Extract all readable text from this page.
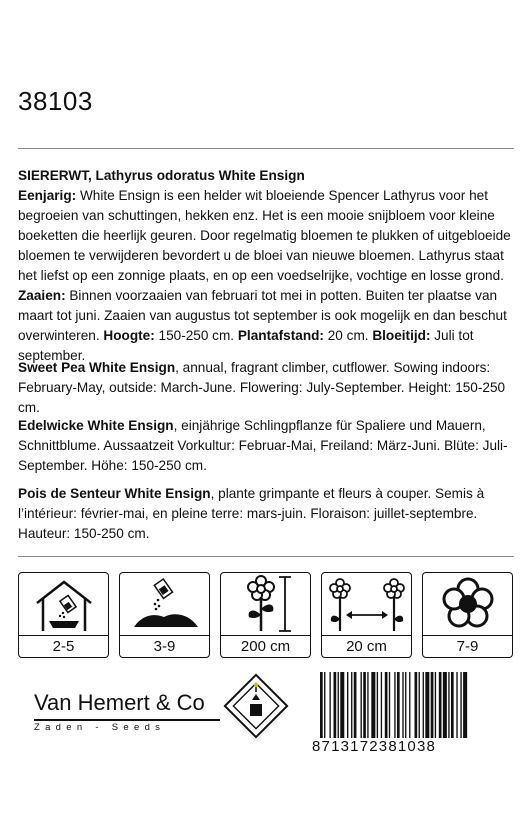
38103

SIERERWT, Lathyrus odoratus White Ensign

Eenjarig: White Ensign is een helder wit bloeiende Spencer Lathyrus voor het begroeien van schuttingen, hekken enz. Het is een mooie snijbloem voor kleine boeketten die heerlijk geuren. Door regelmatig bloemen te plukken of uitgebloeide bloemen te verwijderen bevordert u de bloei van nieuwe bloemen. Lathyrus staat het liefst op een zonnige plaats, en op een voedselrijke, vochtige en losse grond. Zaaien: Binnen voorzaaien van februari tot mei in potten. Buiten ter plaatse van maart tot juni. Zaaien van augustus tot september is ook mogelijk en dan beschut overwinteren. Hoogte: 150-250 cm. Plantafstand: 20 cm. Bloeitijd: Juli tot september.

Sweet Pea White Ensign, annual, fragrant climber, cutflower. Sowing indoors: February-May, outside: March-June. Flowering: July-September. Height: 150-250 cm.

Edelwicke White Ensign, einjährige Schlingpflanze für Spaliere und Mauern, Schnittblume. Aussaatzeit Vorkultur: Februar-Mai, Freiland: März-Juni. Blüte: Juli-September. Höhe: 150-250 cm.

Pois de Senteur White Ensign, plante grimpante et fleurs à couper. Semis à l’intérieur: février-mai, en pleine terre: mars-juin. Floraison: juillet-septembre. Hauteur: 150-250 cm.

2-5	3-9	200 cm	20 cm	7-9
Van Hemert & Co
Zaden - Seeds
8713172381038
